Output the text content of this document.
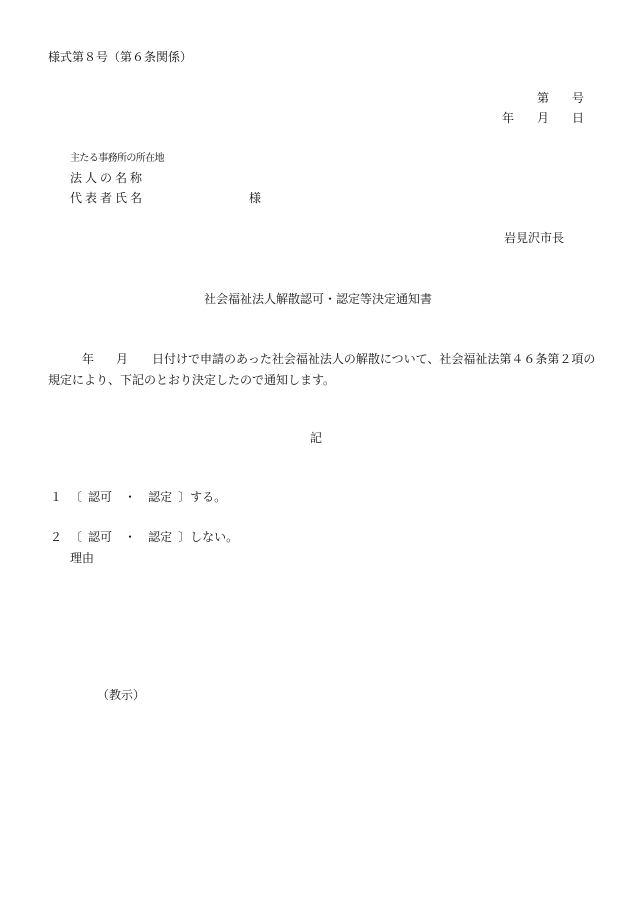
様式第８号（第６条関係）
第 号
年 月 日
主たる事務所の所在地
法人の名称
代表者氏名	様
岩見沢市長
社会福祉法人解散認可・認定等決定通知書
年 月 日付けで申請のあった社会福祉法人の解散について、社会福祉法第４６条第２項の
規定により、下記のとおり決定したので通知します。
記
１ 〔 認可 ・ 認定 〕する。
２ 〔 認可 ・ 認定 〕しない。
理由
（教示）
